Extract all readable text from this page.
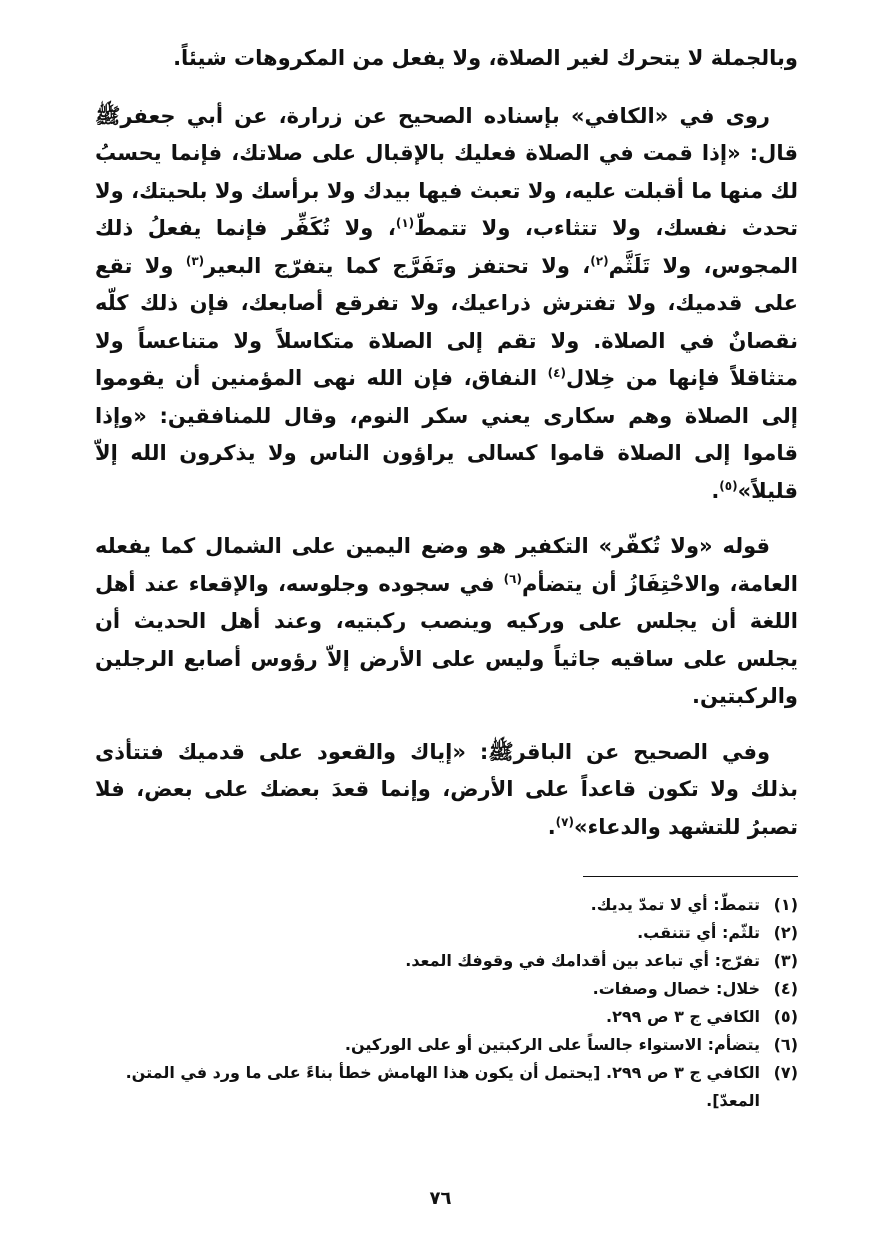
وبالجملة لا يتحرك لغير الصلاة، ولا يفعل من المكروهات شيئاً.

روى في «الكافي» بإسناده الصحيح عن زرارة، عن أبي جعفرﷺ قال: «إذا قمت في الصلاة فعليك بالإقبال على صلاتك، فإنما يحسبُ لك منها ما أقبلت عليه، ولا تعبث فيها بيدك ولا برأسك ولا بلحيتك، ولا تحدث نفسك، ولا تتثاءب، ولا تتمطّ$^{(١)}$، ولا تُكَفِّر فإنما يفعلُ ذلك المجوس، ولا تَلَثَّم$^{(٢)}$، ولا تحتفز وتَفَرَّج كما يتفرّج البعير$^{(٣)}$ ولا تقع على قدميك، ولا تفترش ذراعيك، ولا تفرقع أصابعك، فإن ذلك كلّه نقصانٌ في الصلاة. ولا تقم إلى الصلاة متكاسلاً ولا متناعساً ولا متثاقلاً فإنها من خِلال$^{(٤)}$ النفاق، فإن الله نهى المؤمنين أن يقوموا إلى الصلاة وهم سكارى يعني سكر النوم، وقال للمنافقين: «وإذا قاموا إلى الصلاة قاموا كسالى يراؤون الناس ولا يذكرون الله إلاّ قليلاً»$^{(٥)}$.

قوله «ولا تُكفّر» التكفير هو وضع اليمين على الشمال كما يفعله العامة، والاحْتِفَازُ أن يتضأم$^{(٦)}$ في سجوده وجلوسه، والإقعاء عند أهل اللغة أن يجلس على وركيه وينصب ركبتيه، وعند أهل الحديث أن يجلس على ساقيه جاثياً وليس على الأرض إلاّ رؤوس أصابع الرجلين والركبتين.

وفي الصحيح عن الباقرﷺ: «إياك والقعود على قدميك فتتأذى بذلك ولا تكون قاعداً على الأرض، وإنما قعدَ بعضك على بعض، فلا تصبرُ للتشهد والدعاء»$^{(٧)}$.

(١)
تتمطّ: أي لا تمدّ يديك.
(٢)
تلثّم: أي تتنقب.
(٣)
تفرّج: أي تباعد بين أقدامك في وقوفك المعد.
(٤)
خلال: خصال وصفات.
(٥)
الكافي ج ٣ ص ٢٩٩.
(٦)
يتضأم: الاستواء جالساً على الركبتين أو على الوركين.
(٧)
الكافي ج ٣ ص ٢٩٩. [يحتمل أن يكون هذا الهامش خطأ بناءً على ما ورد في المتن. المعدّ].
٧٦
